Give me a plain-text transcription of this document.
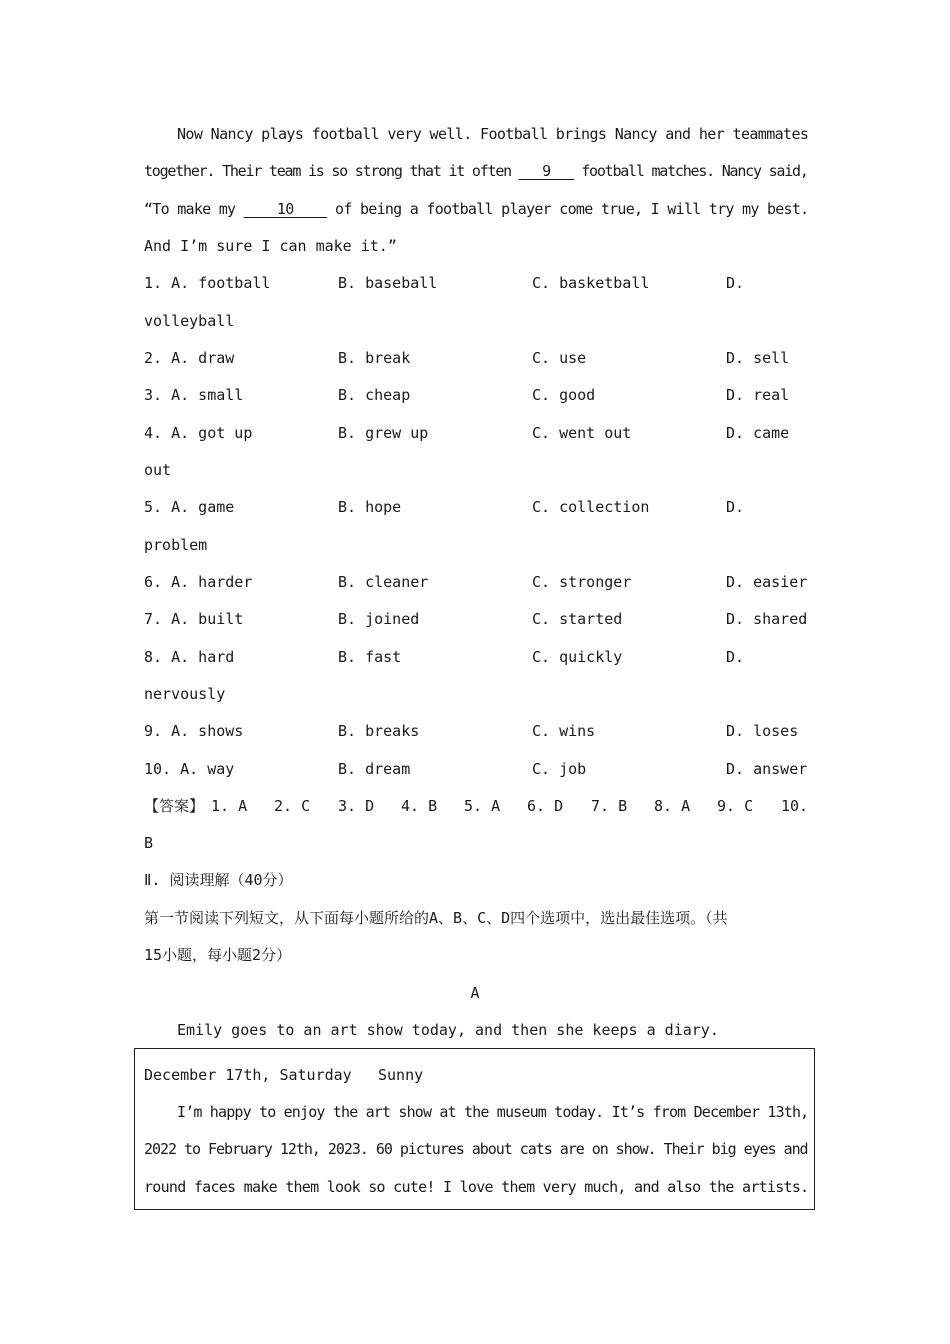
Now Nancy plays football very well. Football brings Nancy and her teammates
together. Their team is so strong that it often ___9___ football matches. Nancy said,
“To make my ____10____ of being a football player come true, I will try my best.
And I’m sure I can make it.”
1. A. football	B. baseball	C. basketball	D.
volleyball
2. A. draw	B. break	C. use	D. sell
3. A. small	B. cheap	C. good	D. real
4. A. got up	B. grew up	C. went out	D. came
out
5. A. game	B. hope	C. collection	D.
problem
6. A. harder	B. cleaner	C. stronger	D. easier
7. A. built	B. joined	C. started	D. shared
8. A. hard	B. fast	C. quickly	D.
nervously
9. A. shows	B. breaks	C. wins	D. loses
10. A. way	B. dream	C. job	D. answer
【答案】 1. A 2. C 3. D 4. B 5. A 6. D 7. B 8. A 9. C 10.
B
Ⅱ. 阅读理解（40分）
第一节阅读下列短文，从下面每小题所给的A、B、C、D四个选项中，选出最佳选项。（共
15小题，每小题2分）
A
Emily goes to an art show today, and then she keeps a diary.
December 17th, Saturday Sunny
I’m happy to enjoy the art show at the museum today. It’s from December 13th,
2022 to February 12th, 2023. 60 pictures about cats are on show. Their big eyes and
round faces make them look so cute! I love them very much, and also the artists.
